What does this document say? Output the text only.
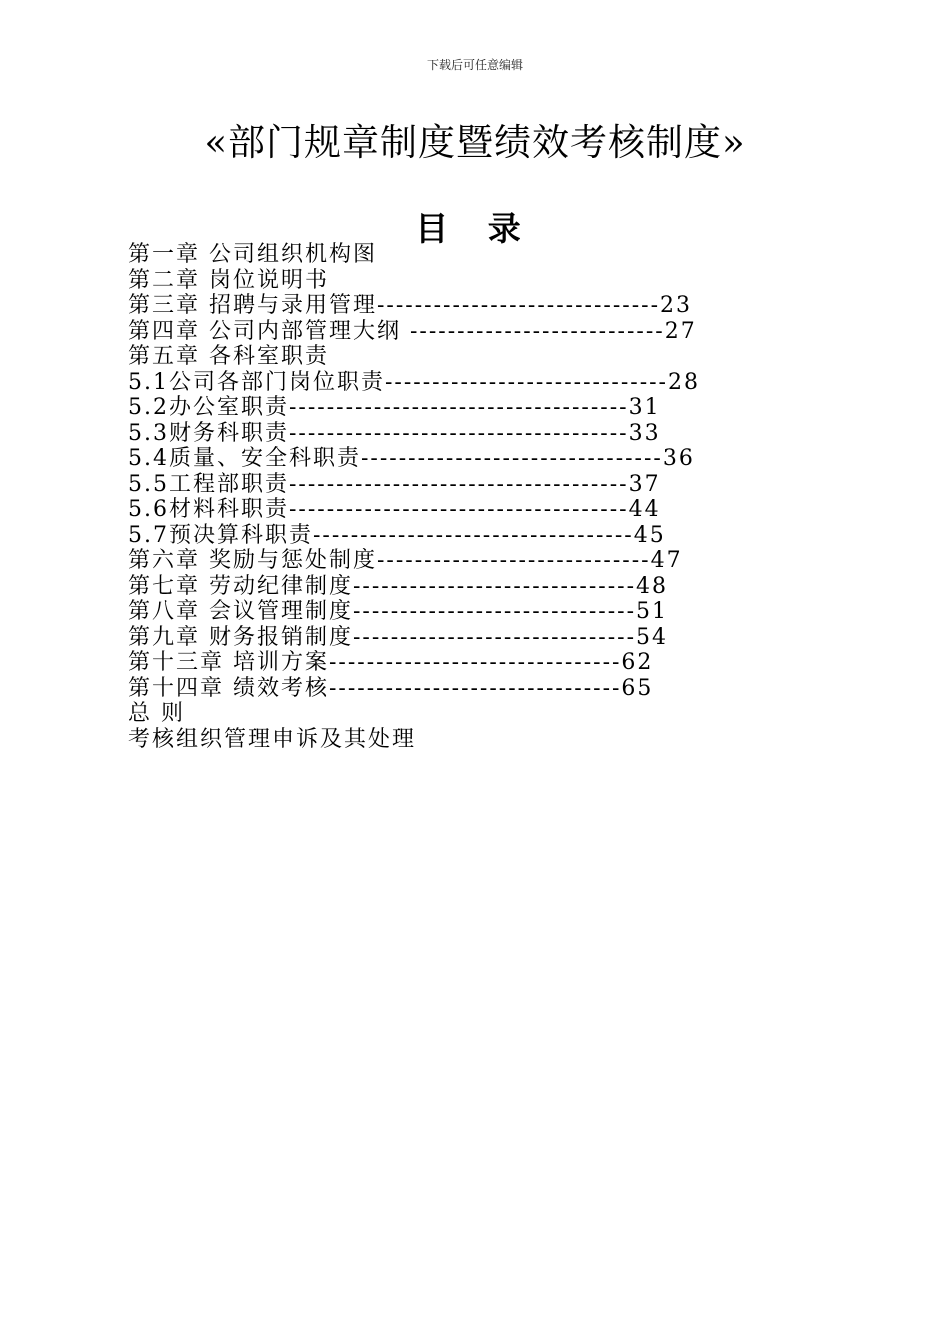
下载后可任意编辑
«部门规章制度暨绩效考核制度»
目 录
第一章 公司组织机构图
第二章 岗位说明书
第三章 招聘与录用管理------------------------------23
第四章 公司内部管理大纲 ---------------------------27
第五章 各科室职责
5.1公司各部门岗位职责------------------------------28
5.2办公室职责------------------------------------31
5.3财务科职责------------------------------------33
5.4质量、安全科职责--------------------------------36
5.5工程部职责------------------------------------37
5.6材料科职责------------------------------------44
5.7预决算科职责----------------------------------45
第六章 奖励与惩处制度-----------------------------47
第七章 劳动纪律制度------------------------------48
第八章 会议管理制度------------------------------51
第九章 财务报销制度------------------------------54
第十三章 培训方案-------------------------------62
第十四章 绩效考核-------------------------------65
总 则
考核组织管理申诉及其处理
